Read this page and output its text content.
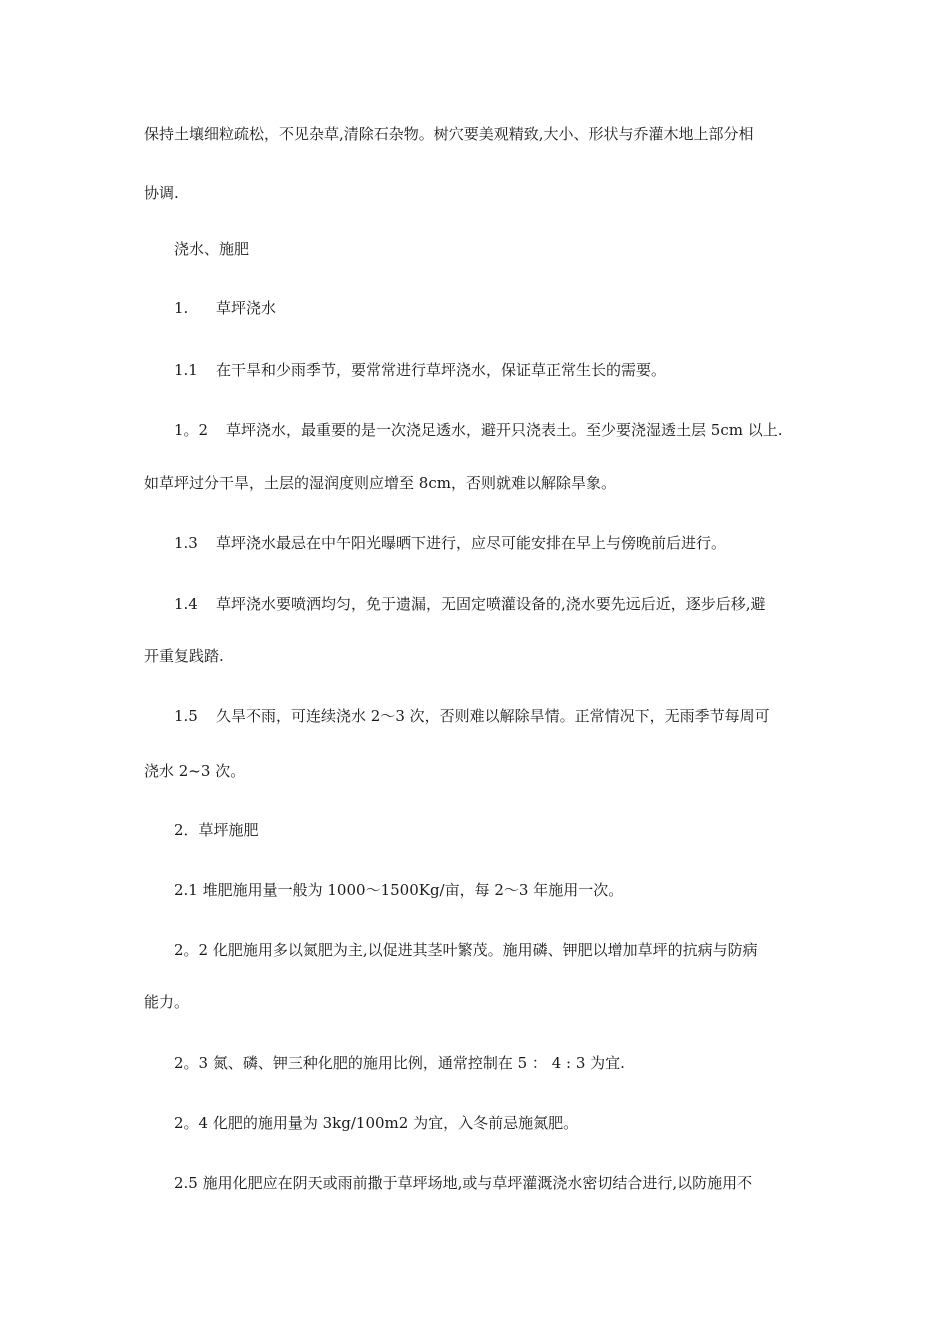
保持土壤细粒疏松，不见杂草,清除石杂物。树穴要美观精致,大小、形状与乔灌木地上部分相
协调.
浇水、施肥
1. 草坪浇水
1.1 在干旱和少雨季节，要常常进行草坪浇水，保证草正常生长的需要。
1。2 草坪浇水，最重要的是一次浇足透水，避开只浇表土。至少要浇湿透土层 5cm 以上.
如草坪过分干旱，土层的湿润度则应增至 8cm，否则就难以解除旱象。
1.3 草坪浇水最忌在中午阳光曝晒下进行，应尽可能安排在早上与傍晚前后进行。
1.4 草坪浇水要喷洒均匀，免于遗漏，无固定喷灌设备的,浇水要先远后近，逐步后移,避
开重复践踏.
1.5 久旱不雨，可连续浇水 2～3 次，否则难以解除旱情。正常情况下，无雨季节每周可
浇水 2~3 次。
2．草坪施肥
2.1 堆肥施用量一般为 1000～1500Kg/亩，每 2～3 年施用一次。
2。2 化肥施用多以氮肥为主,以促进其茎叶繁茂。施用磷、钾肥以增加草坪的抗病与防病
能力。
2。3 氮、磷、钾三种化肥的施用比例，通常控制在 5 ： 4 : 3 为宜.
2。4 化肥的施用量为 3kg/100m2 为宜，入冬前忌施氮肥。
2.5 施用化肥应在阴天或雨前撒于草坪场地,或与草坪灌溉浇水密切结合进行,以防施用不
